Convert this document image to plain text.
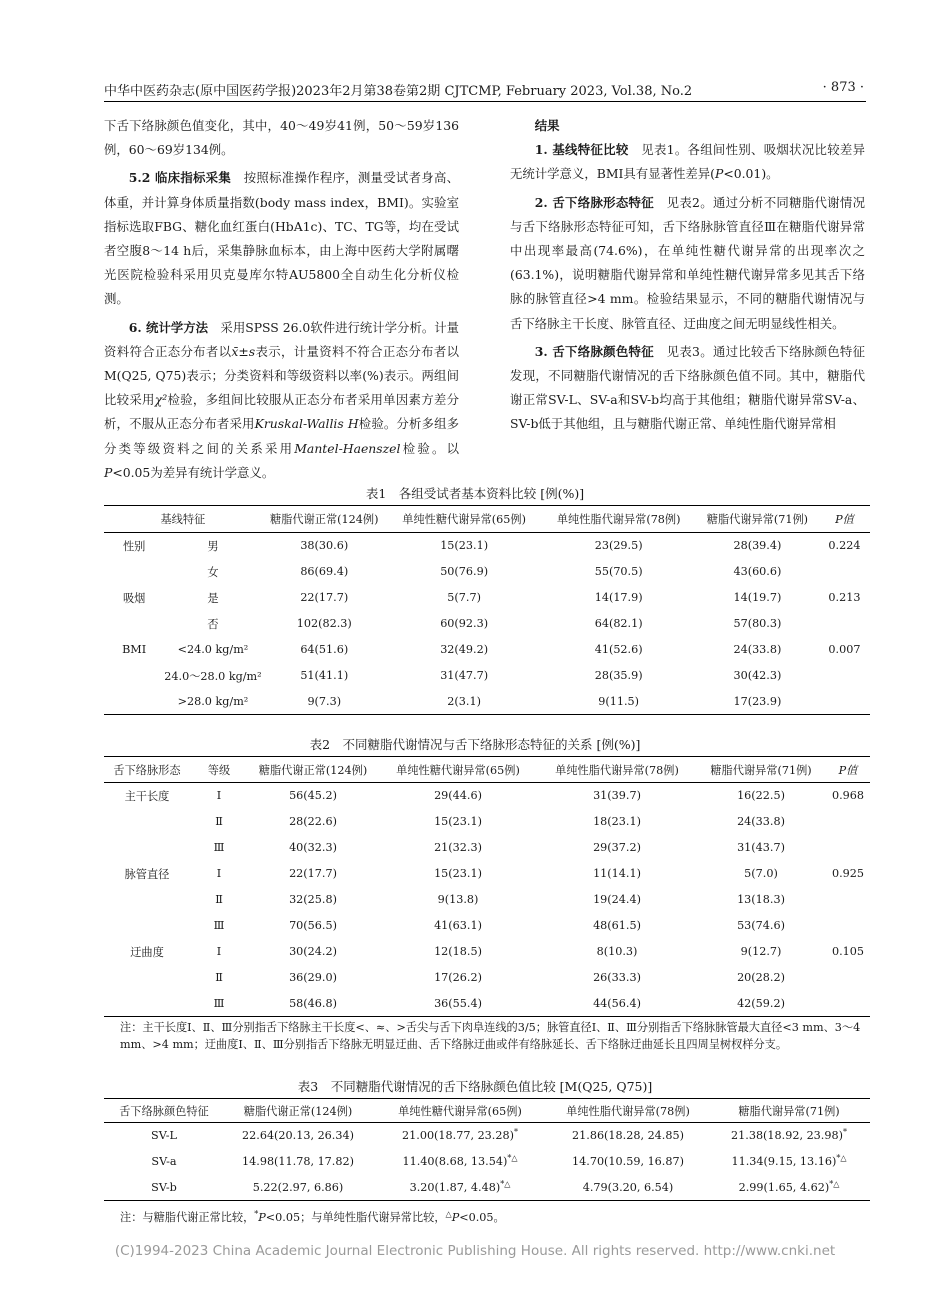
中华中医药杂志(原中国医药学报)2023年2月第38卷第2期 CJTCMP, February 2023, Vol.38, No.2	· 873 ·

下舌下络脉颜色值变化，其中，40～49岁41例，50～59岁136例，60～69岁134例。

5.2 临床指标采集　 按照标准操作程序，测量受试者身高、体重，并计算身体质量指数(body mass index，BMI)。实验室指标选取FBG、糖化血红蛋白(HbA1c)、TC、TG等，均在受试者空腹8～14 h后，采集静脉血标本，由上海中医药大学附属曙光医院检验科采用贝克曼库尔特AU5800全自动生化分析仪检测。

6. 统计学方法　 采用SPSS 26.0软件进行统计学分析。计量资料符合正态分布者以x̄±s表示，计量资料不符合正态分布者以M(Q25, Q75)表示；分类资料和等级资料以率(%)表示。两组间比较采用χ²检验，多组间比较服从正态分布者采用单因素方差分析，不服从正态分布者采用Kruskal-Wallis H检验。分析多组多分类等级资料之间的关系采用Mantel-Haenszel检验。以P<0.05为差异有统计学意义。

结果

1. 基线特征比较　 见表1。各组间性别、吸烟状况比较差异无统计学意义，BMI具有显著性差异(P<0.01)。

2. 舌下络脉形态特征　 见表2。通过分析不同糖脂代谢情况与舌下络脉形态特征可知，舌下络脉脉管直径Ⅲ在糖脂代谢异常中出现率最高(74.6%)，在单纯性糖代谢异常的出现率次之(63.1%)，说明糖脂代谢异常和单纯性糖代谢异常多见其舌下络脉的脉管直径>4 mm。检验结果显示，不同的糖脂代谢情况与舌下络脉主干长度、脉管直径、迂曲度之间无明显线性相关。

3. 舌下络脉颜色特征　 见表3。通过比较舌下络脉颜色特征发现，不同糖脂代谢情况的舌下络脉颜色值不同。其中，糖脂代谢正常SV-L、SV-a和SV-b均高于其他组；糖脂代谢异常SV-a、SV-b低于其他组，且与糖脂代谢正常、单纯性脂代谢异常相

表1　各组受试者基本资料比较 [例(%)]
基线特征		糖脂代谢正常(124例)	单纯性糖代谢异常(65例)	单纯性脂代谢异常(78例)	糖脂代谢异常(71例)	P值
性别	男	38(30.6)	15(23.1)	23(29.5)	28(39.4)	0.224
	女	86(69.4)	50(76.9)	55(70.5)	43(60.6)	
吸烟	是	22(17.7)	5(7.7)	14(17.9)	14(19.7)	0.213
	否	102(82.3)	60(92.3)	64(82.1)	57(80.3)	
BMI	<24.0 kg/m²	64(51.6)	32(49.2)	41(52.6)	24(33.8)	0.007
	24.0～28.0 kg/m²	51(41.1)	31(47.7)	28(35.9)	30(42.3)	
	>28.0 kg/m²	9(7.3)	2(3.1)	9(11.5)	17(23.9)	
表2　不同糖脂代谢情况与舌下络脉形态特征的关系 [例(%)]
舌下络脉形态	等级	糖脂代谢正常(124例)	单纯性糖代谢异常(65例)	单纯性脂代谢异常(78例)	糖脂代谢异常(71例)	P值
主干长度	Ⅰ	56(45.2)	29(44.6)	31(39.7)	16(22.5)	0.968
	Ⅱ	28(22.6)	15(23.1)	18(23.1)	24(33.8)	
	Ⅲ	40(32.3)	21(32.3)	29(37.2)	31(43.7)	
脉管直径	Ⅰ	22(17.7)	15(23.1)	11(14.1)	5(7.0)	0.925
	Ⅱ	32(25.8)	9(13.8)	19(24.4)	13(18.3)	
	Ⅲ	70(56.5)	41(63.1)	48(61.5)	53(74.6)	
迂曲度	Ⅰ	30(24.2)	12(18.5)	8(10.3)	9(12.7)	0.105
	Ⅱ	36(29.0)	17(26.2)	26(33.3)	20(28.2)	
	Ⅲ	58(46.8)	36(55.4)	44(56.4)	42(59.2)	
注：主干长度Ⅰ、Ⅱ、Ⅲ分别指舌下络脉主干长度<、≈、>舌尖与舌下肉阜连线的3/5；脉管直径Ⅰ、Ⅱ、Ⅲ分别指舌下络脉脉管最大直径<3 mm、3～4 mm、>4 mm；迂曲度Ⅰ、Ⅱ、Ⅲ分别指舌下络脉无明显迂曲、舌下络脉迂曲或伴有络脉延长、舌下络脉迂曲延长且四周呈树杈样分支。
表3　不同糖脂代谢情况的舌下络脉颜色值比较 [M(Q25, Q75)]
舌下络脉颜色特征	糖脂代谢正常(124例)	单纯性糖代谢异常(65例)	单纯性脂代谢异常(78例)	糖脂代谢异常(71例)
SV-L	22.64(20.13, 26.34)	21.00(18.77, 23.28)*	21.86(18.28, 24.85)	21.38(18.92, 23.98)*
SV-a	14.98(11.78, 17.82)	11.40(8.68, 13.54)*△	14.70(10.59, 16.87)	11.34(9.15, 13.16)*△
SV-b	5.22(2.97, 6.86)	3.20(1.87, 4.48)*△	4.79(3.20, 6.54)	2.99(1.65, 4.62)*△
注：与糖脂代谢正常比较，*P<0.05；与单纯性脂代谢异常比较，△P<0.05。
(C)1994-2023 China Academic Journal Electronic Publishing House. All rights reserved. http://www.cnki.net
